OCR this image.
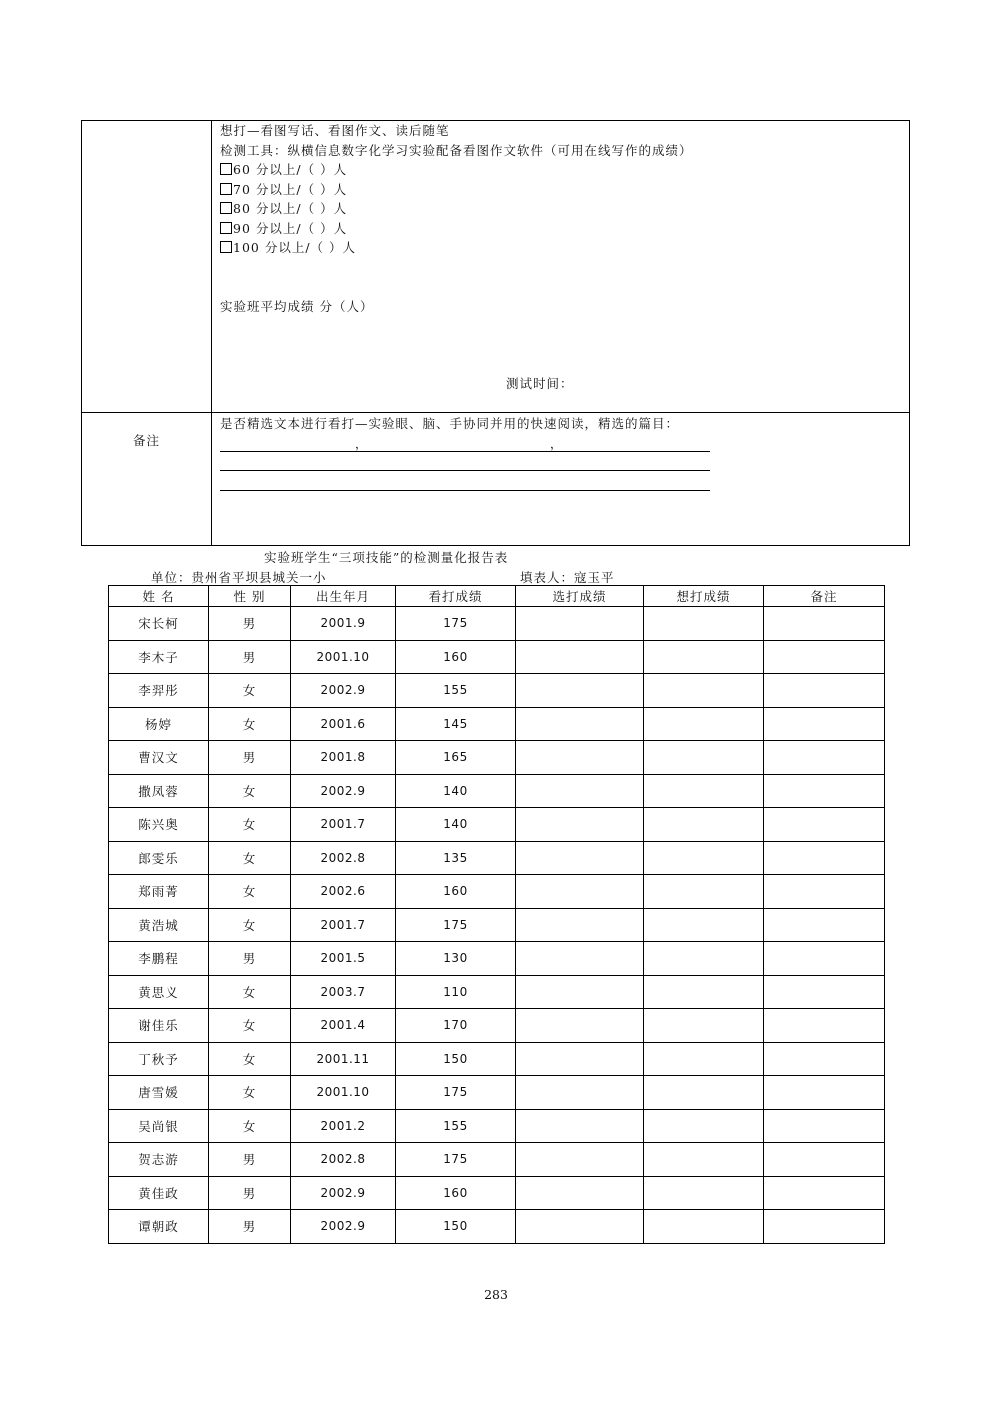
想打—看图写话、看图作文、读后随笔
检测工具：纵横信息数字化学习实验配备看图作文软件（可用在线写作的成绩）
60 分以上/（ ）人
70 分以上/（ ）人
80 分以上/（ ）人
90 分以上/（ ）人
100 分以上/（ ）人
实验班平均成绩 分（人）
测试时间：
备注
是否精选文本进行看打—实验眼、脑、手协同并用的快速阅读，精选的篇目：
，	，
实验班学生“三项技能”的检测量化报告表
单位：贵州省平坝县城关一小	填表人：寇玉平
姓 名	性 别	出生年月	看打成绩	选打成绩	想打成绩	备注
宋长柯	男	2001.9	175			
李木子	男	2001.10	160			
李羿彤	女	2002.9	155			
杨婷	女	2001.6	145			
曹汉文	男	2001.8	165			
撒凤蓉	女	2002.9	140			
陈兴奥	女	2001.7	140			
郎雯乐	女	2002.8	135			
郑雨菁	女	2002.6	160			
黄浩城	女	2001.7	175			
李鹏程	男	2001.5	130			
黄思义	女	2003.7	110			
谢佳乐	女	2001.4	170			
丁秋予	女	2001.11	150			
唐雪媛	女	2001.10	175			
吴尚银	女	2001.2	155			
贺志游	男	2002.8	175			
黄佳政	男	2002.9	160			
谭朝政	男	2002.9	150			
283
